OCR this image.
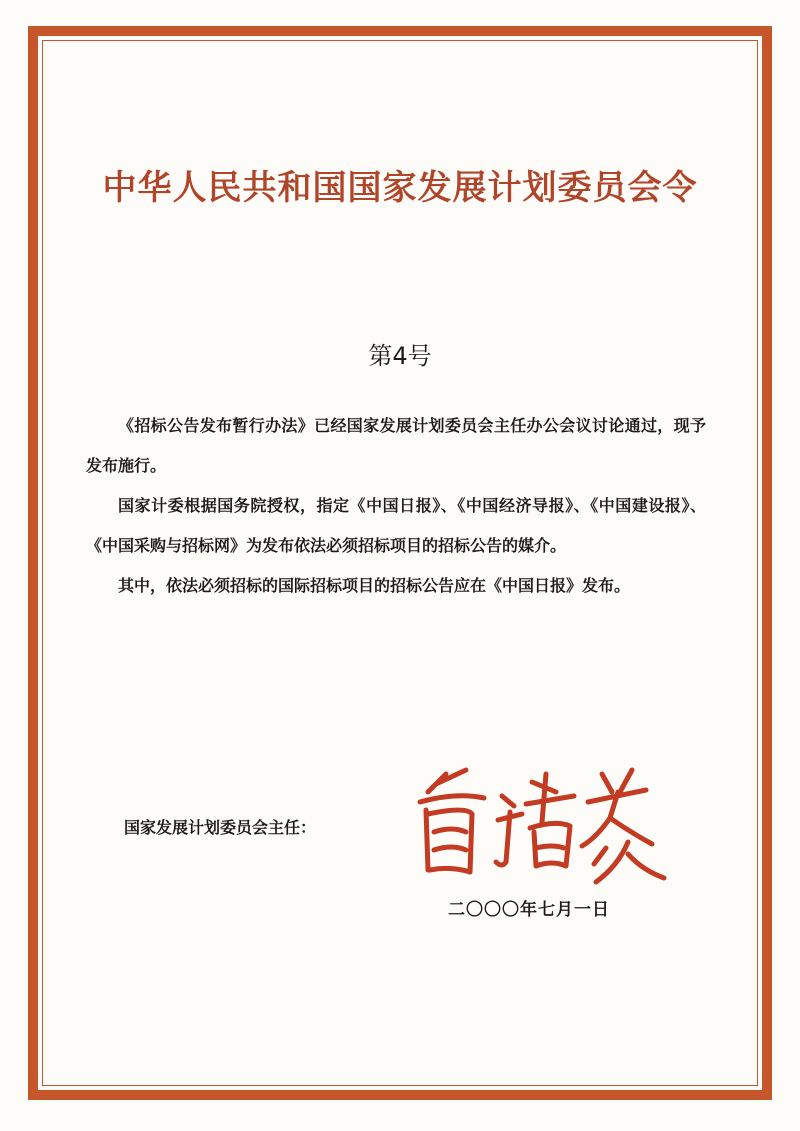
中华人民共和国国家发展计划委员会令
第4号

《招标公告发布暂行办法》已经国家发展计划委员会主任办公会议讨论通过，现予发布施行。

国家计委根据国务院授权，指定《中国日报》、《中国经济导报》、《中国建设报》、《中国采购与招标网》为发布依法必须招标项目的招标公告的媒介。

其中，依法必须招标的国际招标项目的招标公告应在《中国日报》发布。

国家发展计划委员会主任：
二〇〇〇年七月一日
